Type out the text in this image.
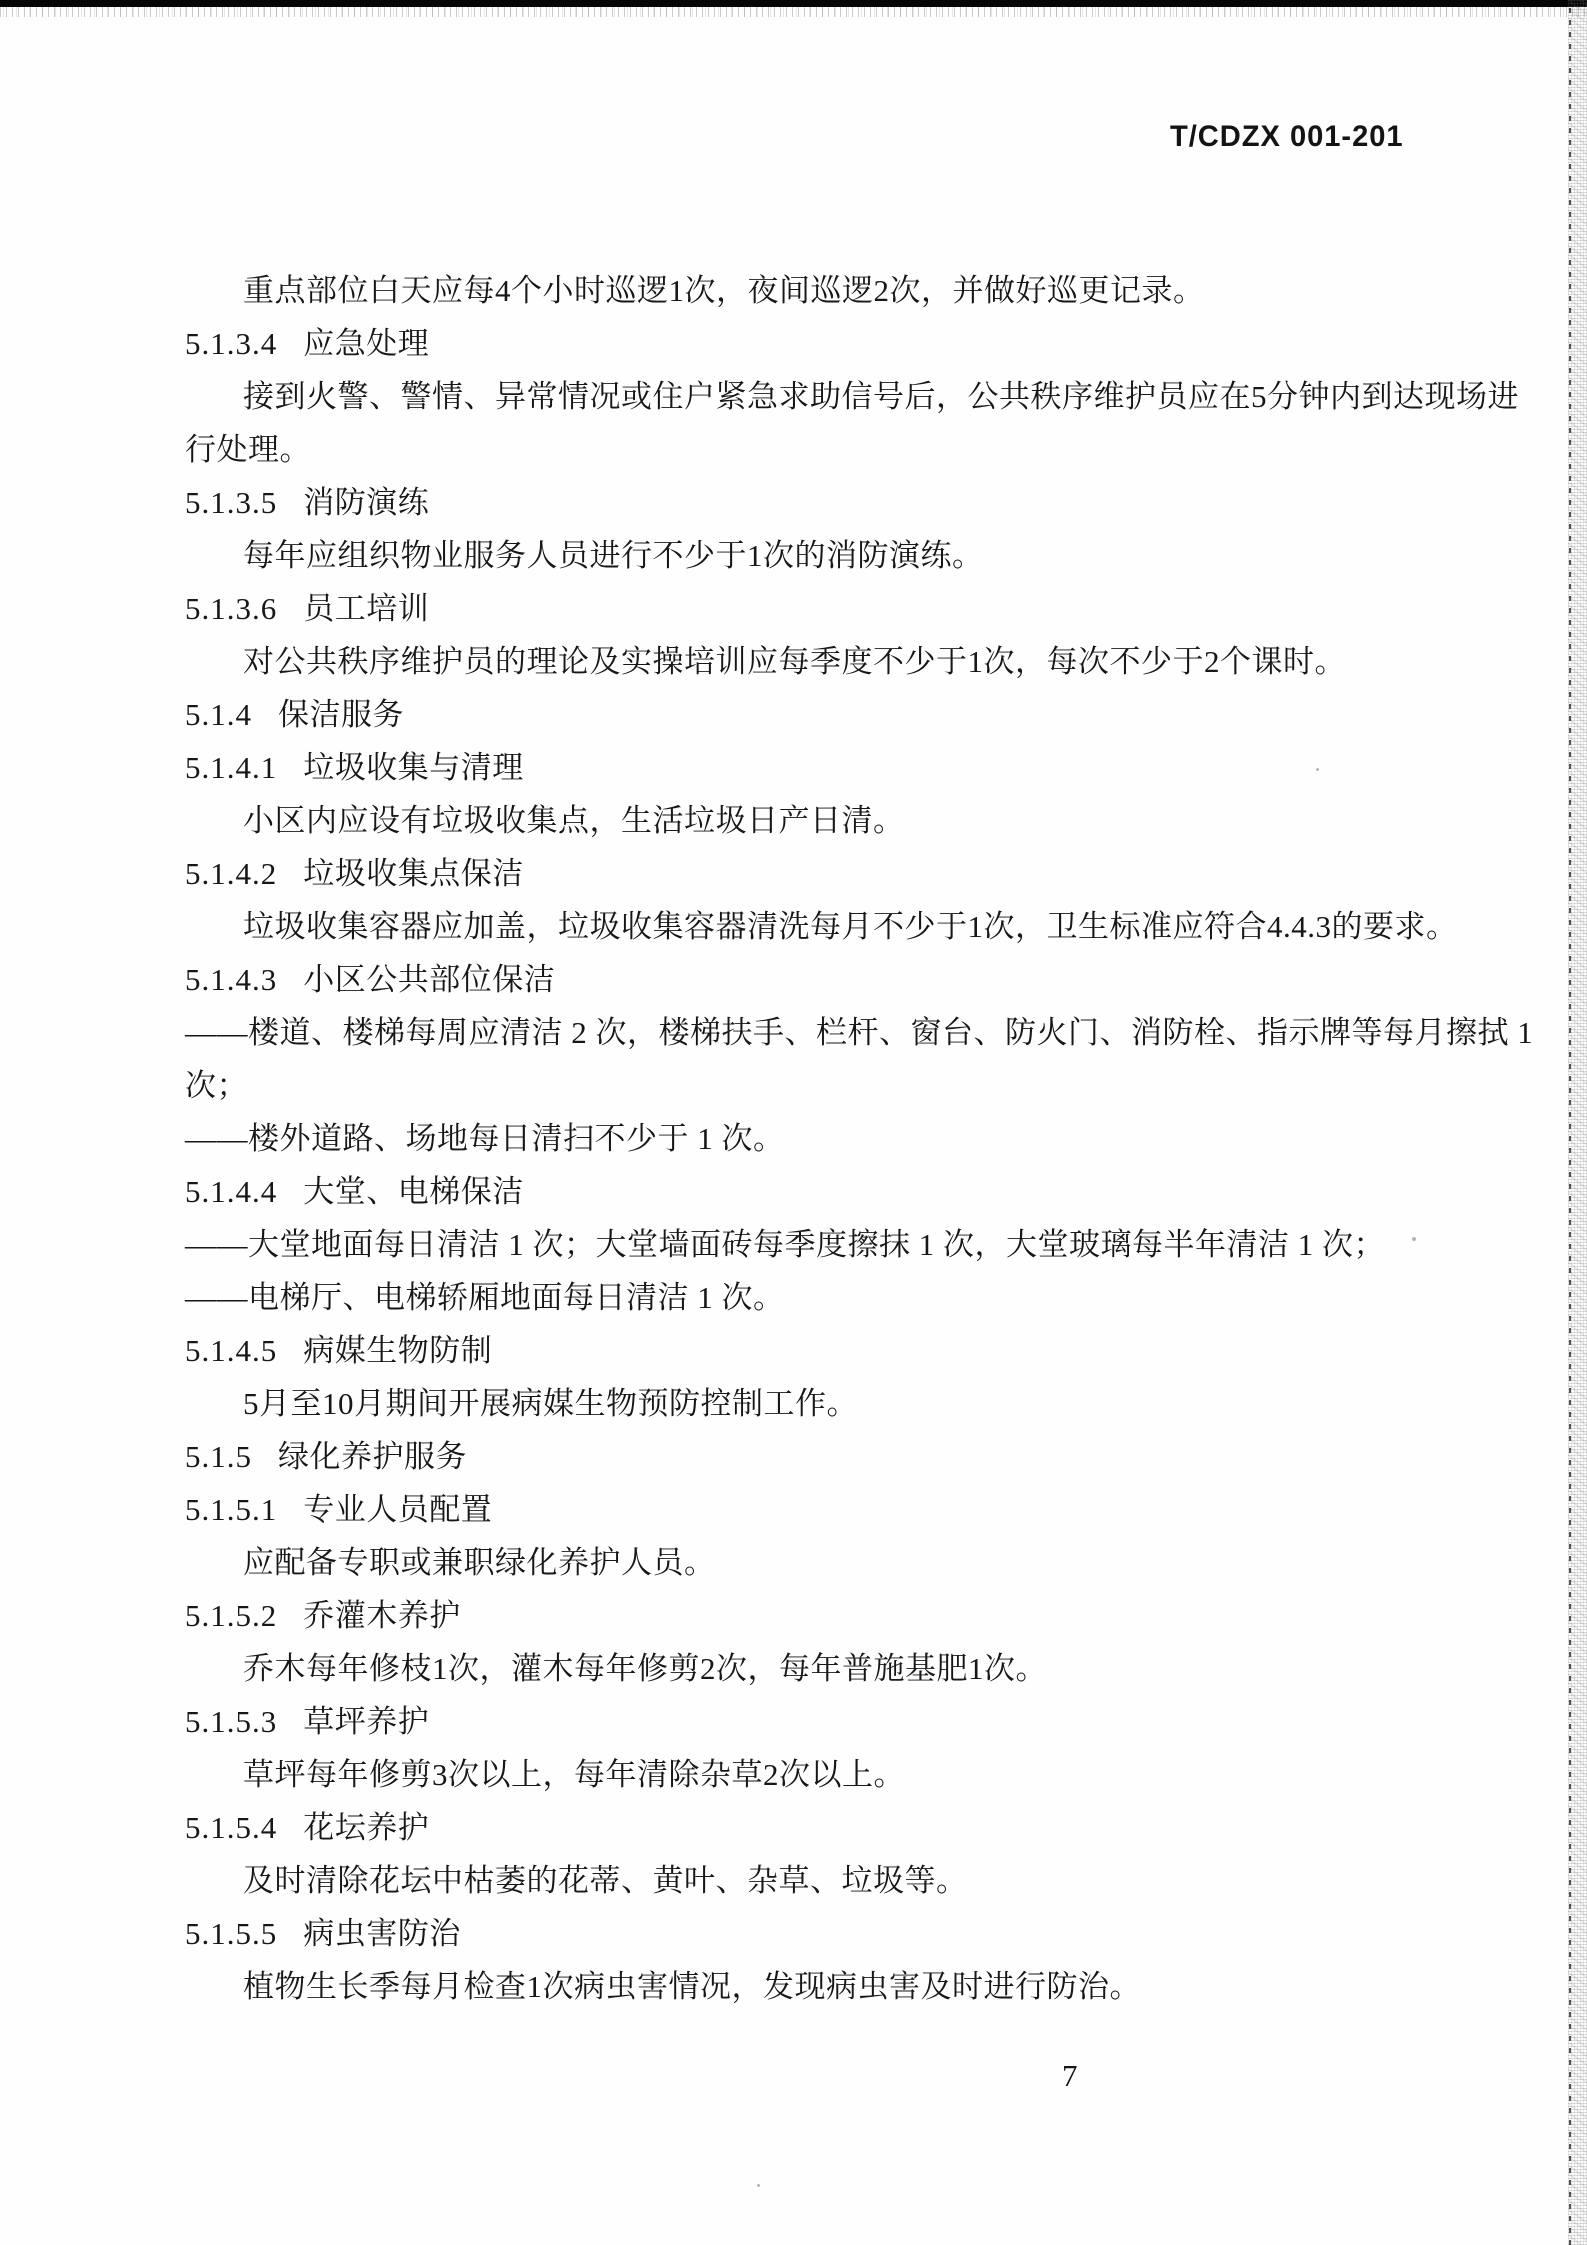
T/CDZX 001-201
重点部位白天应每4个小时巡逻1次，夜间巡逻2次，并做好巡更记录。
5.1.3.4 应急处理
接到火警、警情、异常情况或住户紧急求助信号后，公共秩序维护员应在5分钟内到达现场进
行处理。
5.1.3.5 消防演练
每年应组织物业服务人员进行不少于1次的消防演练。
5.1.3.6 员工培训
对公共秩序维护员的理论及实操培训应每季度不少于1次，每次不少于2个课时。
5.1.4 保洁服务
5.1.4.1 垃圾收集与清理
小区内应设有垃圾收集点，生活垃圾日产日清。
5.1.4.2 垃圾收集点保洁
垃圾收集容器应加盖，垃圾收集容器清洗每月不少于1次，卫生标准应符合4.4.3的要求。
5.1.4.3 小区公共部位保洁
——楼道、楼梯每周应清洁 2 次，楼梯扶手、栏杆、窗台、防火门、消防栓、指示牌等每月擦拭 1
次；
——楼外道路、场地每日清扫不少于 1 次。
5.1.4.4 大堂、电梯保洁
——大堂地面每日清洁 1 次；大堂墙面砖每季度擦抹 1 次，大堂玻璃每半年清洁 1 次；
——电梯厅、电梯轿厢地面每日清洁 1 次。
5.1.4.5 病媒生物防制
5月至10月期间开展病媒生物预防控制工作。
5.1.5 绿化养护服务
5.1.5.1 专业人员配置
应配备专职或兼职绿化养护人员。
5.1.5.2 乔灌木养护
乔木每年修枝1次，灌木每年修剪2次，每年普施基肥1次。
5.1.5.3 草坪养护
草坪每年修剪3次以上，每年清除杂草2次以上。
5.1.5.4 花坛养护
及时清除花坛中枯萎的花蒂、黄叶、杂草、垃圾等。
5.1.5.5 病虫害防治
植物生长季每月检查1次病虫害情况，发现病虫害及时进行防治。
7
